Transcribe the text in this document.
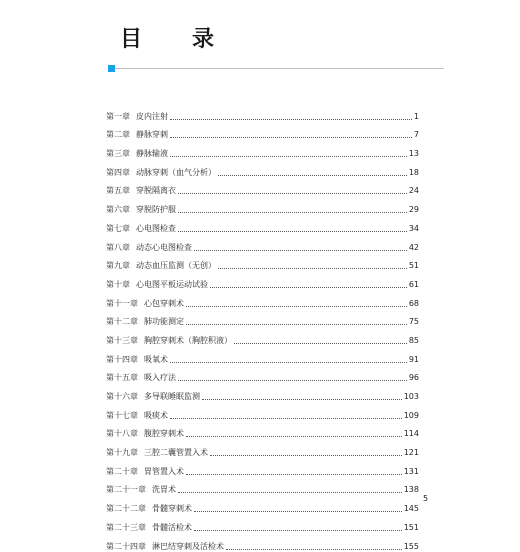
目　录
第一章 皮内注射	1
第二章 静脉穿刺	7
第三章 静脉输液	13
第四章 动脉穿刺（血气分析）	18
第五章 穿脱隔离衣	24
第六章 穿脱防护服	29
第七章 心电图检查	34
第八章 动态心电图检查	42
第九章 动态血压监测（无创）	51
第十章 心电图平板运动试验	61
第十一章 心包穿刺术	68
第十二章 肺功能测定	75
第十三章 胸腔穿刺术（胸腔积液）	85
第十四章 吸氧术	91
第十五章 吸入疗法	96
第十六章 多导联睡眠监测	103
第十七章 吸痰术	109
第十八章 腹腔穿刺术	114
第十九章 三腔二囊管置入术	121
第二十章 胃管置入术	131
第二十一章 洗胃术	138
第二十二章 骨髓穿刺术	145
第二十三章 骨髓活检术	151
第二十四章 淋巴结穿刺及活检术	155
5
